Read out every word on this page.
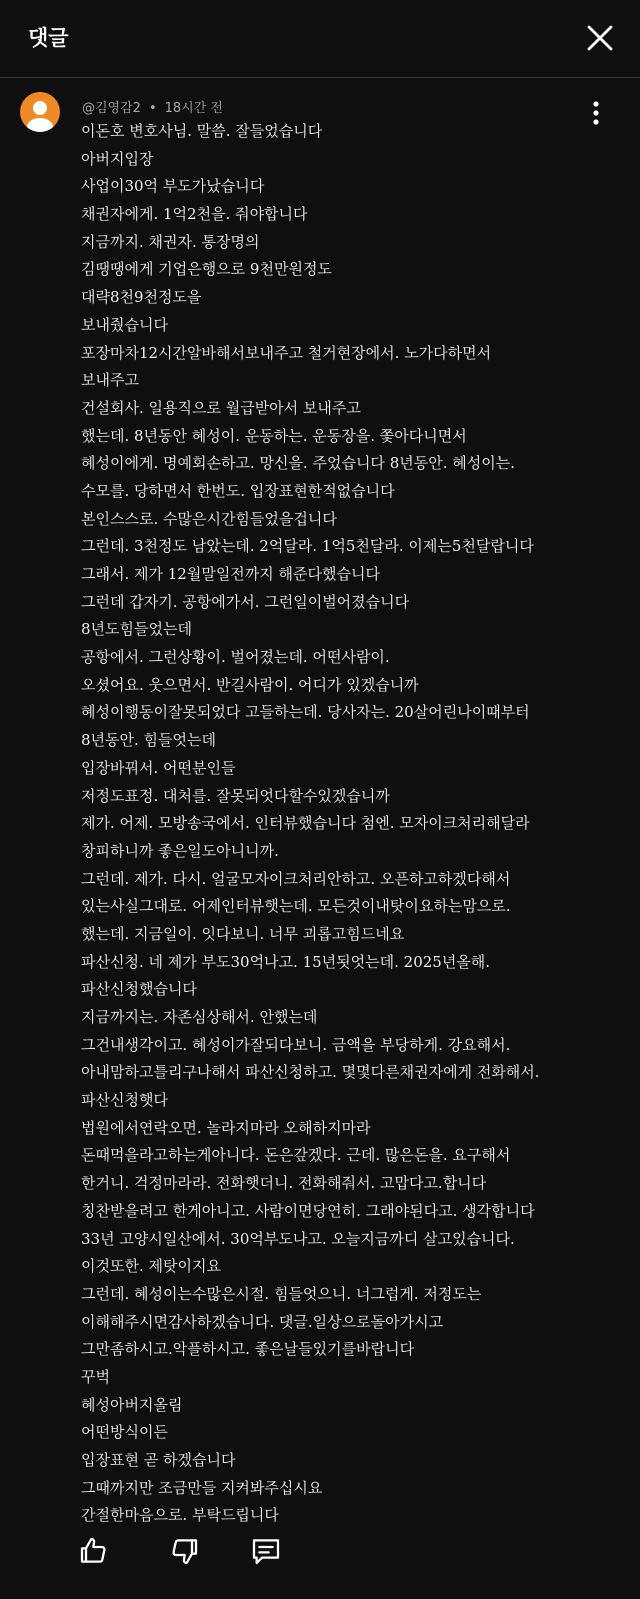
댓글
@김영감2 • 18시간 전
이돈호 변호사님. 말씀. 잘들었습니다
아버지입장
사업이30억 부도가났습니다
채권자에게. 1억2천을. 줘야합니다
지금까지. 채권자. 통장명의
김땡땡에게 기업은행으로 9천만원정도
대략8천9천정도을
보내줬습니다
포장마차12시간알바해서보내주고 철거현장에서. 노가다하면서
보내주고
건설회사. 일용직으로 월급받아서 보내주고
했는데. 8년동안 혜성이. 운동하는. 운동장을. 쫓아다니면서
혜성이에게. 명예회손하고. 망신을. 주었습니다 8년동안. 혜성이는.
수모를. 당하면서 한번도. 입장표현한적없습니다
본인스스로. 수많은시간힘들었을겁니다
그런데. 3천정도 남았는데. 2억달라. 1억5천달라. 이제는5천달랍니다
그래서. 제가 12월말일전까지 해준다했습니다
그런데 갑자기. 공항에가서. 그런일이벌어졌습니다
8년도힘들었는데
공항에서. 그런상황이. 벌어졌는데. 어떤사람이.
오셨어요. 웃으면서. 반길사람이. 어디가 있겠습니까
혜성이행동이잘못되었다 고들하는데. 당사자는. 20살어린나이때부터
8년동안. 힘들엇는데
입장바꿔서. 어떤분인들
저정도표정. 대처를. 잘못되엇다할수있겠습니까
제가. 어제. 모방송국에서. 인터뷰했습니다 첨엔. 모자이크처리해달라
창피하니까 좋은일도아니니까.
그런데. 제가. 다시. 얼굴모자이크처리안하고. 오픈하고하겠다해서
있는사실그대로. 어제인터뷰햇는데. 모든것이내탓이요하는맘으로.
했는데. 지금일이. 잇다보니. 너무 괴롭고힘드네요
파산신청. 네 제가 부도30억나고. 15년됫엇는데. 2025년올해.
파산신청했습니다
지금까지는. 자존심상해서. 안했는데
그건내생각이고. 혜성이가잘되다보니. 금액을 부당하게. 강요해서.
아내맘하고틀리구나해서 파산신청하고. 몇몇다른채권자에게 전화해서.
파산신청햇다
법원에서연락오면. 놀라지마라 오해하지마라
돈때먹을라고하는게아니다. 돈은갚겠다. 근데. 많은돈을. 요구해서
한거니. 걱정마라라. 전화햇더니. 전화해줘서. 고맙다고.합니다
칭찬받을려고 한게아니고. 사람이면당연히. 그래야된다고. 생각합니다
33년 고양시일산에서. 30억부도나고. 오늘지금까디 살고있습니다.
이것또한. 제탓이지요
그런데. 혜성이는수많은시절. 힘들엇으니. 너그럽게. 저정도는
이해해주시면감사하겠습니다. 댓글.일상으로돌아가시고
그만좀하시고.악플하시고. 좋은날들있기를바랍니다
꾸벅
혜성아버지올림
어떤방식이든
입장표현 곧 하겠습니다
그때까지만 조금만들 지켜봐주십시요
간절한마음으로. 부탁드립니다
